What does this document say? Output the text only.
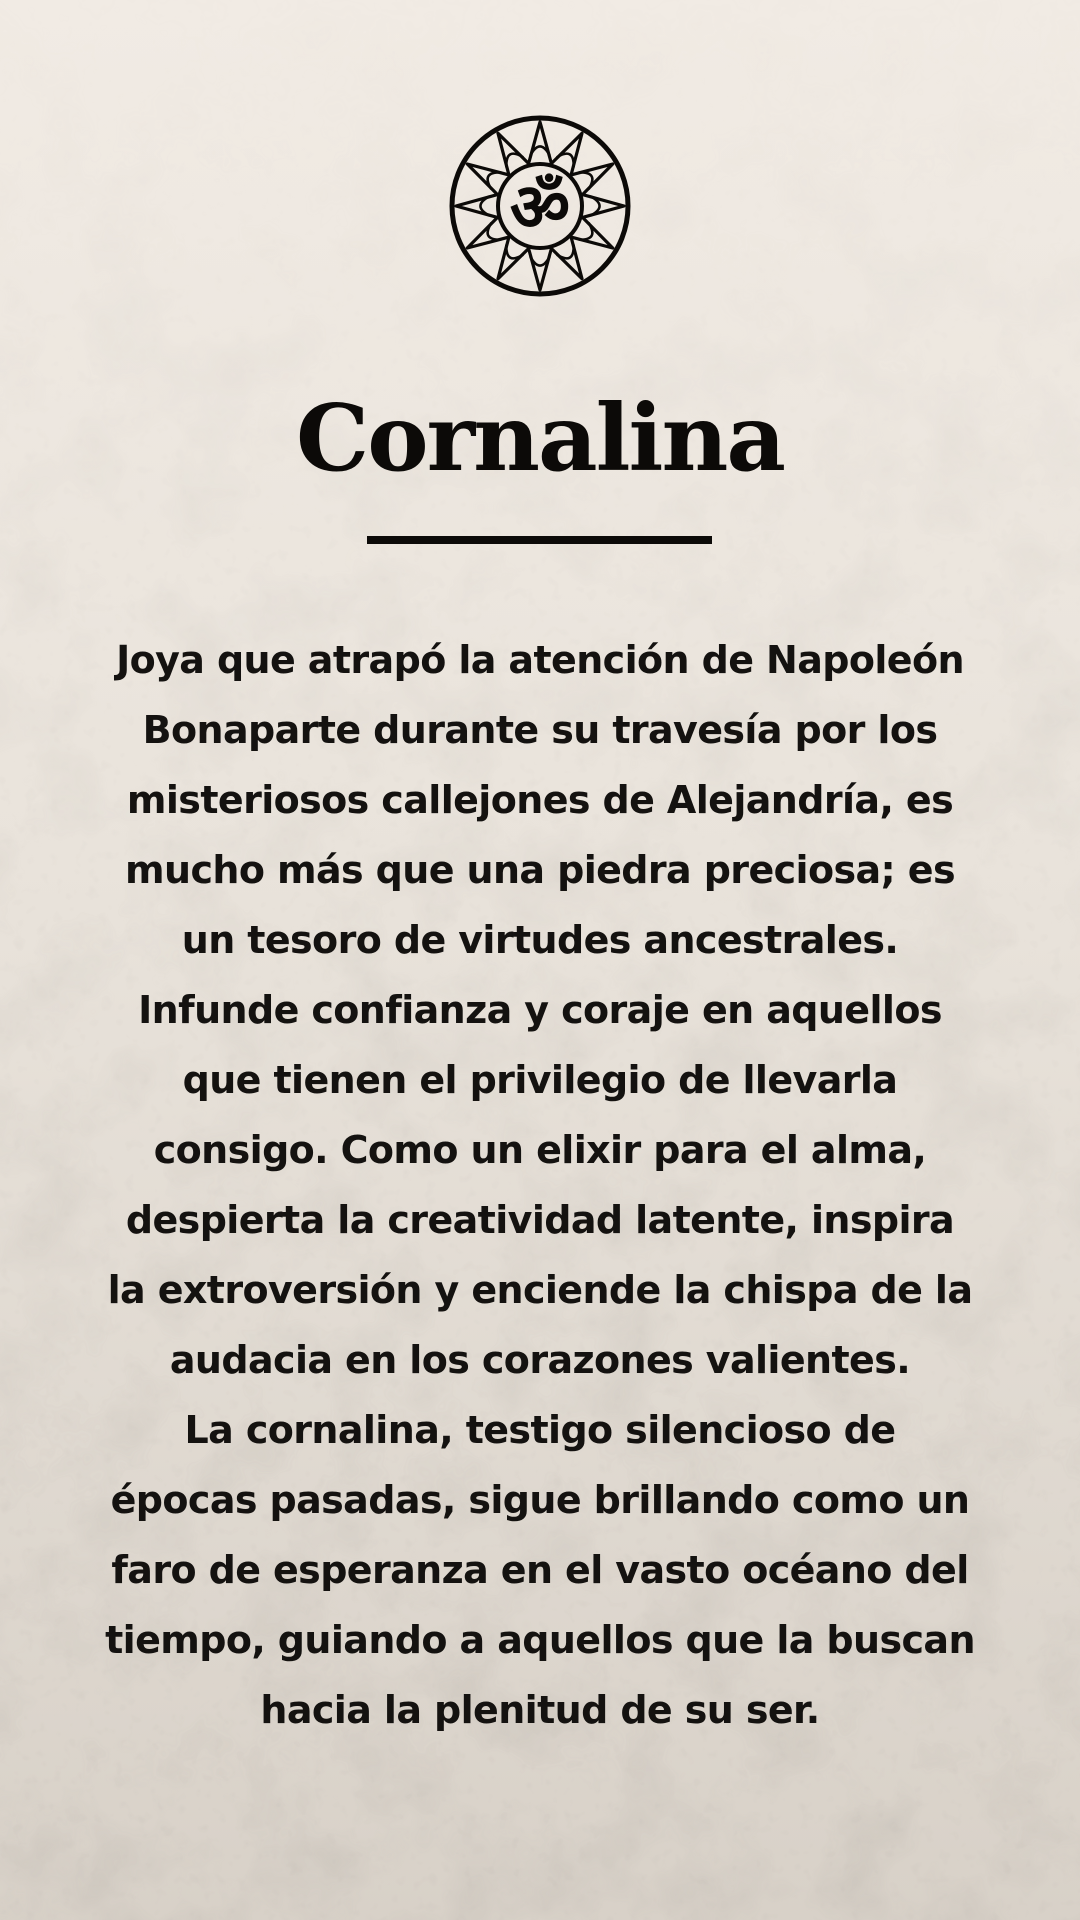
ॐ
Cornalina

Joya que atrapó la atención de Napoleón
Bonaparte durante su travesía por los
misteriosos callejones de Alejandría, es
mucho más que una piedra preciosa; es
un tesoro de virtudes ancestrales.
Infunde confianza y coraje en aquellos
que tienen el privilegio de llevarla
consigo. Como un elixir para el alma,
despierta la creatividad latente, inspira
la extroversión y enciende la chispa de la
audacia en los corazones valientes.
La cornalina, testigo silencioso de
épocas pasadas, sigue brillando como un
faro de esperanza en el vasto océano del
tiempo, guiando a aquellos que la buscan
hacia la plenitud de su ser.
